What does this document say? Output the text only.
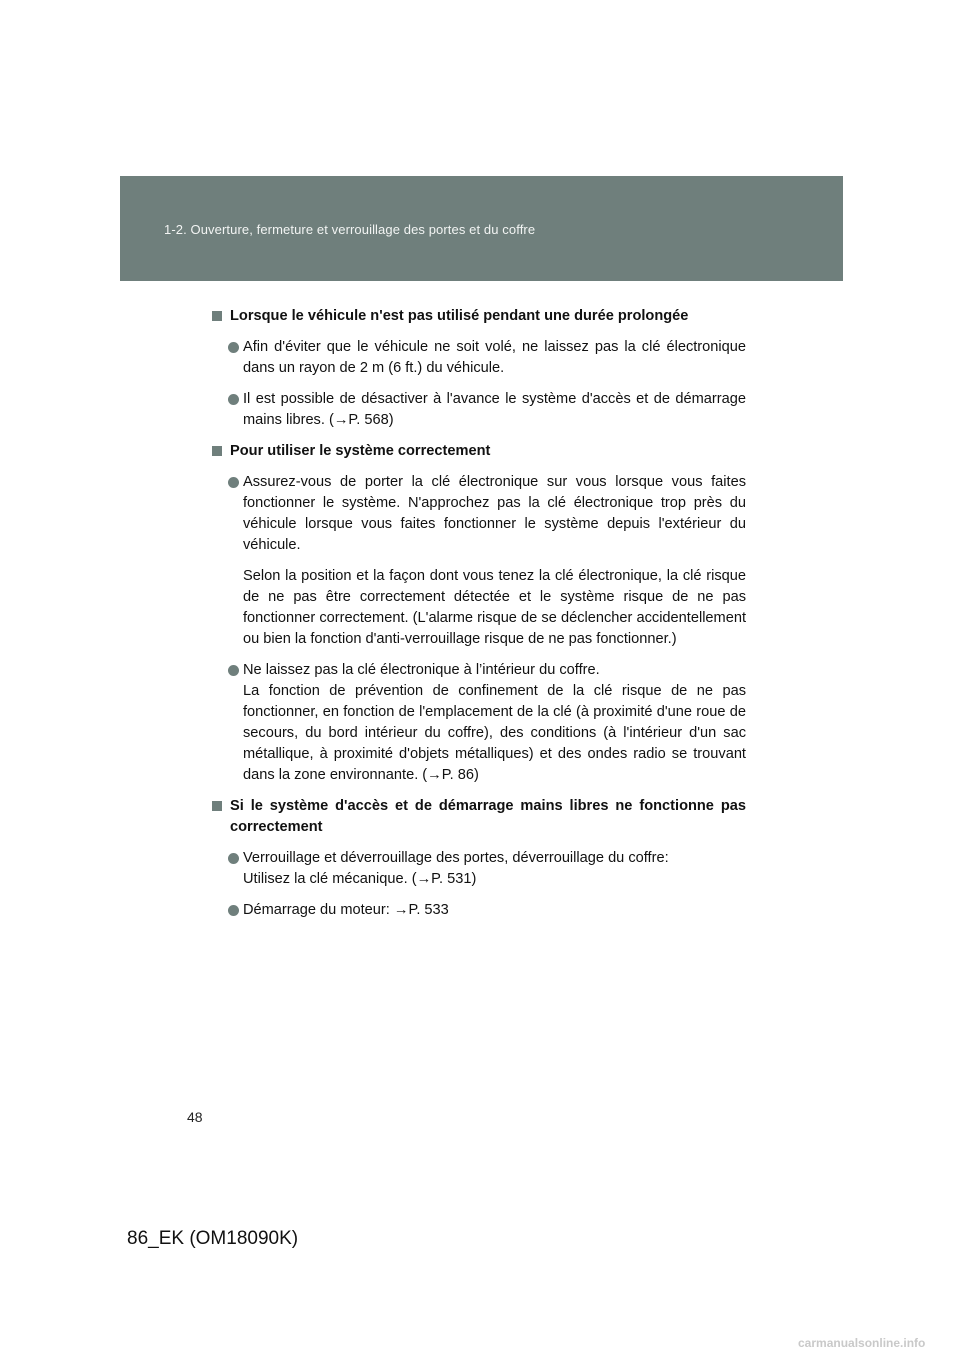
1-2. Ouverture, fermeture et verrouillage des portes et du coffre
Lorsque le véhicule n'est pas utilisé pendant une durée prolongée
Afin d'éviter que le véhicule ne soit volé, ne laissez pas la clé électronique dans un rayon de 2 m (6 ft.) du véhicule.
Il est possible de désactiver à l'avance le système d'accès et de démarrage mains libres. (→P. 568)
Pour utiliser le système correctement
Assurez-vous de porter la clé électronique sur vous lorsque vous faites fonctionner le système. N'approchez pas la clé électronique trop près du véhicule lorsque vous faites fonctionner le système depuis l'extérieur du véhicule.
Selon la position et la façon dont vous tenez la clé électronique, la clé risque de ne pas être correctement détectée et le système risque de ne pas fonctionner correctement. (L'alarme risque de se déclencher accidentellement ou bien la fonction d'anti-verrouillage risque de ne pas fonctionner.)
Ne laissez pas la clé électronique à l’intérieur du coffre.
La fonction de prévention de confinement de la clé risque de ne pas fonctionner, en fonction de l'emplacement de la clé (à proximité d'une roue de secours, du bord intérieur du coffre), des conditions (à l'intérieur d'un sac métallique, à proximité d'objets métalliques) et des ondes radio se trouvant dans la zone environnante. (→P. 86)
Si le système d'accès et de démarrage mains libres ne fonctionne pas correctement
Verrouillage et déverrouillage des portes, déverrouillage du coffre:
Utilisez la clé mécanique. (→P. 531)
Démarrage du moteur: →P. 533
48
86_EK (OM18090K)
carmanualsonline.info
